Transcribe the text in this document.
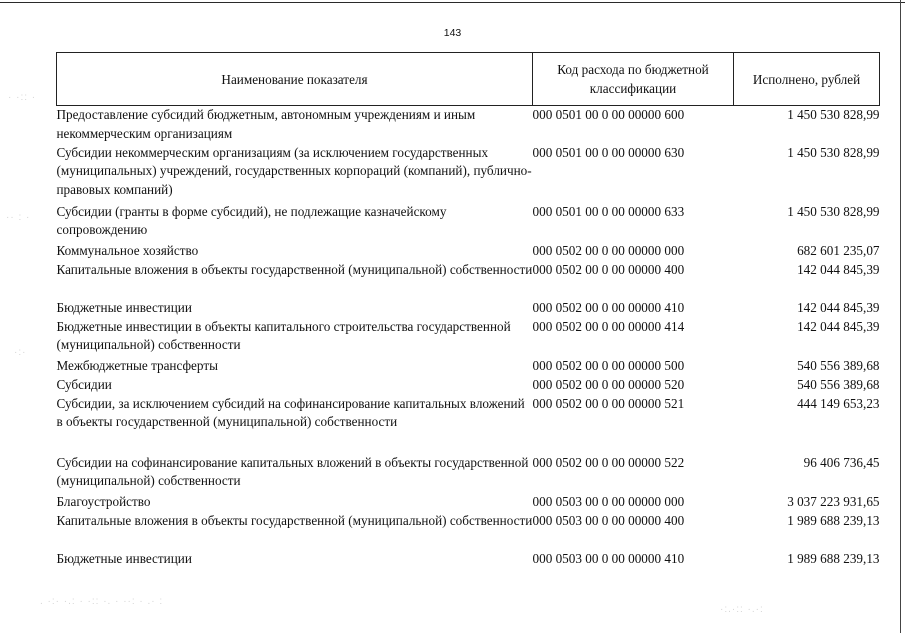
143
Наименование показателя	Код расхода по бюджетной классификации	Исполнено, рублей
Предоставление субсидий бюджетным, автономным учреждениям и иным некоммерческим организациям	000 0501 00 0 00 00000 600	1 450 530 828,99
Субсидии некоммерческим организациям (за исключением государственных (муниципальных) учреждений, государственных корпораций (компаний), публично-правовых компаний)	000 0501 00 0 00 00000 630	1 450 530 828,99
Субсидии (гранты в форме субсидий), не подлежащие казначейскому сопровождению	000 0501 00 0 00 00000 633	1 450 530 828,99
Коммунальное хозяйство	000 0502 00 0 00 00000 000	682 601 235,07
Капитальные вложения в объекты государственной (муниципальной) собственности	000 0502 00 0 00 00000 400	142 044 845,39
Бюджетные инвестиции	000 0502 00 0 00 00000 410	142 044 845,39
Бюджетные инвестиции в объекты капитального строительства государственной (муниципальной) собственности	000 0502 00 0 00 00000 414	142 044 845,39
Межбюджетные трансферты	000 0502 00 0 00 00000 500	540 556 389,68
Субсидии	000 0502 00 0 00 00000 520	540 556 389,68
Субсидии, за исключением субсидий на софинансирование капитальных вложений в объекты государственной (муниципальной) собственности	000 0502 00 0 00 00000 521	444 149 653,23
Субсидии на софинансирование капитальных вложений в объекты государственной (муниципальной) собственности	000 0502 00 0 00 00000 522	96 406 736,45
Благоустройство	000 0503 00 0 00 00000 000	3 037 223 931,65
Капитальные вложения в объекты государственной (муниципальной) собственности	000 0503 00 0 00 00000 400	1 989 688 239,13
Бюджетные инвестиции	000 0503 00 0 00 00000 410	1 989 688 239,13
· ·:: ·
·· : ·
·:·
. ·:· ·.: · ·:: ·. · ··: · .· :
·:.·:: ·.·:
